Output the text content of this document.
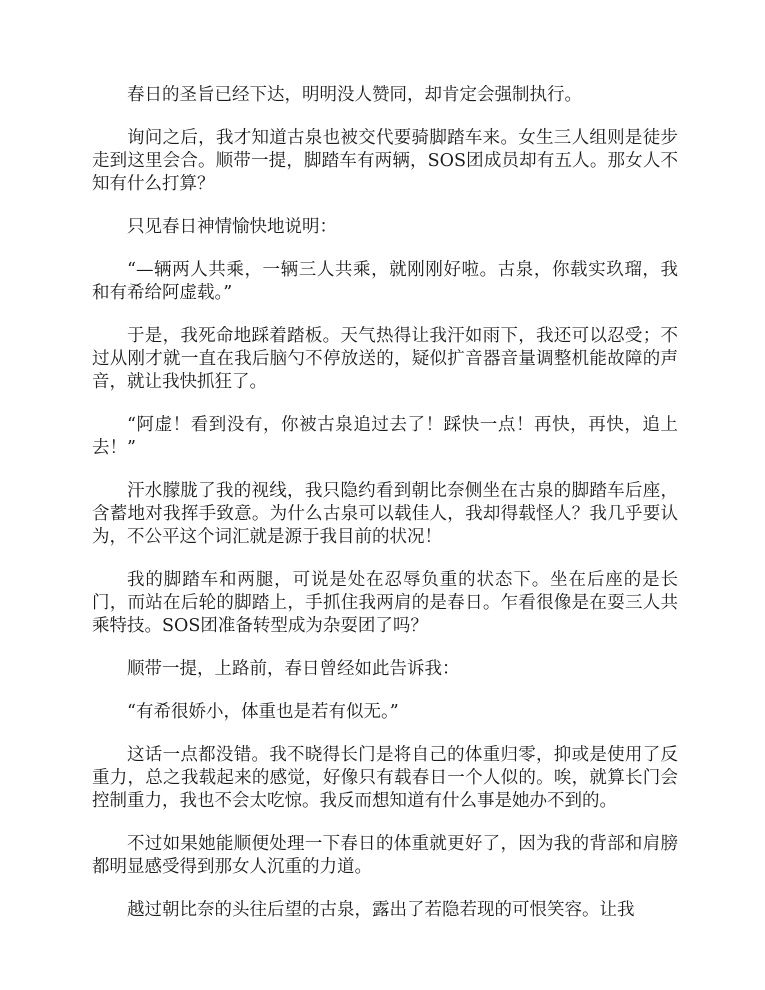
春日的圣旨已经下达，明明没人赞同，却肯定会强制执行。

询问之后，我才知道古泉也被交代要骑脚踏车来。女生三人组则是徒步走到这里会合。顺带一提，脚踏车有两辆，SOS团成员却有五人。那女人不知有什么打算？

只见春日神情愉快地说明：

“—辆两人共乘，一辆三人共乘，就刚刚好啦。古泉，你载实玖瑠，我和有希给阿虚载。”

于是，我死命地踩着踏板。天气热得让我汗如雨下，我还可以忍受；不过从刚才就一直在我后脑勺不停放送的，疑似扩音器音量调整机能故障的声音，就让我快抓狂了。

“阿虚！看到没有，你被古泉追过去了！踩快一点！再快，再快，追上去！”

汗水朦胧了我的视线，我只隐约看到朝比奈侧坐在古泉的脚踏车后座，含蓄地对我挥手致意。为什么古泉可以载佳人，我却得载怪人？我几乎要认为，不公平这个词汇就是源于我目前的状况！

我的脚踏车和两腿，可说是处在忍辱负重的状态下。坐在后座的是长门，而站在后轮的脚踏上，手抓住我两肩的是春日。乍看很像是在耍三人共乘特技。SOS团准备转型成为杂耍团了吗？

顺带一提，上路前，春日曾经如此告诉我：

“有希很娇小，体重也是若有似无。”

这话一点都没错。我不晓得长门是将自己的体重归零，抑或是使用了反重力，总之我载起来的感觉，好像只有载春日一个人似的。唉，就算长门会控制重力，我也不会太吃惊。我反而想知道有什么事是她办不到的。

不过如果她能顺便处理一下春日的体重就更好了，因为我的背部和肩膀都明显感受得到那女人沉重的力道。

越过朝比奈的头往后望的古泉，露出了若隐若现的可恨笑容。让我
